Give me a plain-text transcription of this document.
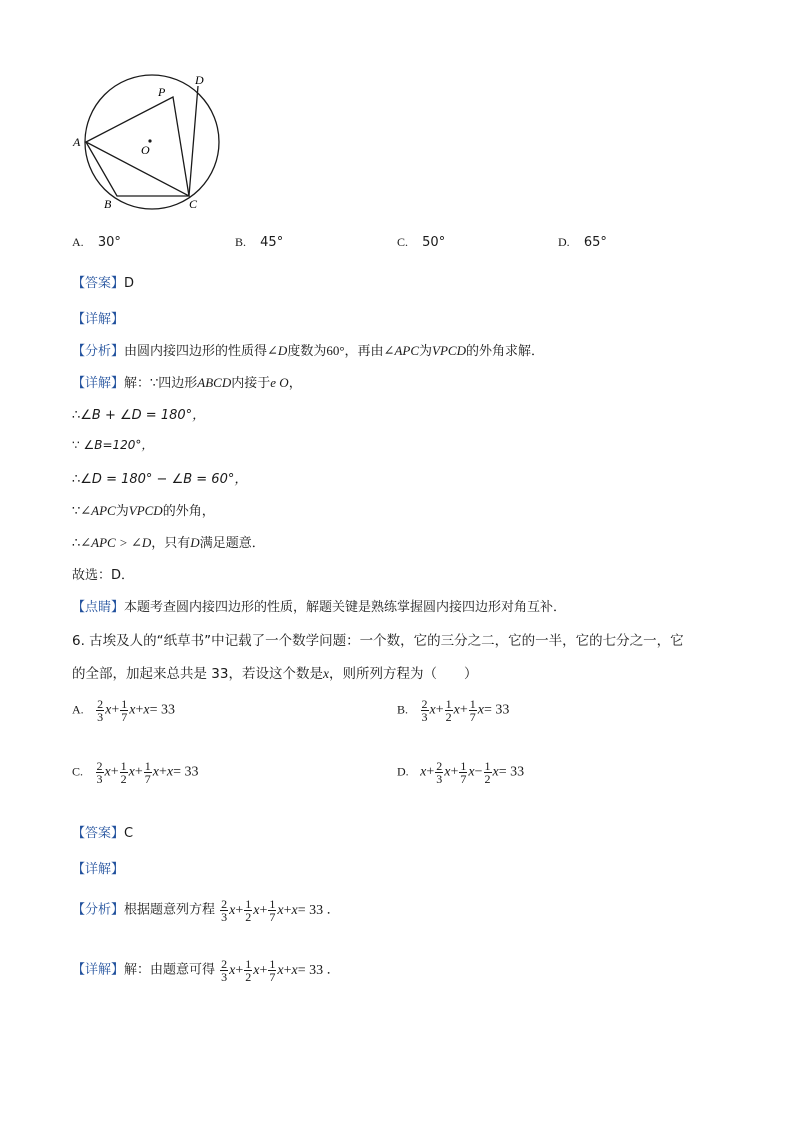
A
B	C
D
P
O
A. 30°	B. 45°	C. 50°	D. 65°
【答案】D
【详解】
【分析】由圆内接四边形的性质得∠D度数为60°，再由∠APC为VPCD的外角求解．
【详解】解：∵四边形ABCD内接于e O，
∴∠B + ∠D = 180°，
∵ ∠B=120°，
∴∠D = 180° − ∠B = 60°，
∵∠APC为VPCD的外角，
∴∠APC > ∠D，只有D满足题意．
故选：D．
【点睛】本题考查圆内接四边形的性质，解题关键是熟练掌握圆内接四边形对角互补．
6. 古埃及人的“纸草书”中记载了一个数学问题：一个数，它的三分之二，它的一半，它的七分之一，它
的全部，加起来总共是 33，若设这个数是x，则所列方程为（　　）
A. $\frac{2}{3} x+ \frac{1}{7} x+x= 33$	B. $\frac{2}{3} x+ \frac{1}{2} x+ \frac{1}{7} x= 33$
C. $\frac{2}{3} x+ \frac{1}{2} x+ \frac{1}{7} x+x= 33$	D. $x+ \frac{2}{3} x+ \frac{1}{7} x- \frac{1}{2} x= 33$
【答案】C
【详解】
【分析】根据题意列方程 $\frac{2}{3} x+ \frac{1}{2} x+ \frac{1}{7} x+x= 33$ ．
【详解】解：由题意可得 $\frac{2}{3} x+ \frac{1}{2} x+ \frac{1}{7} x+x= 33$ ．
